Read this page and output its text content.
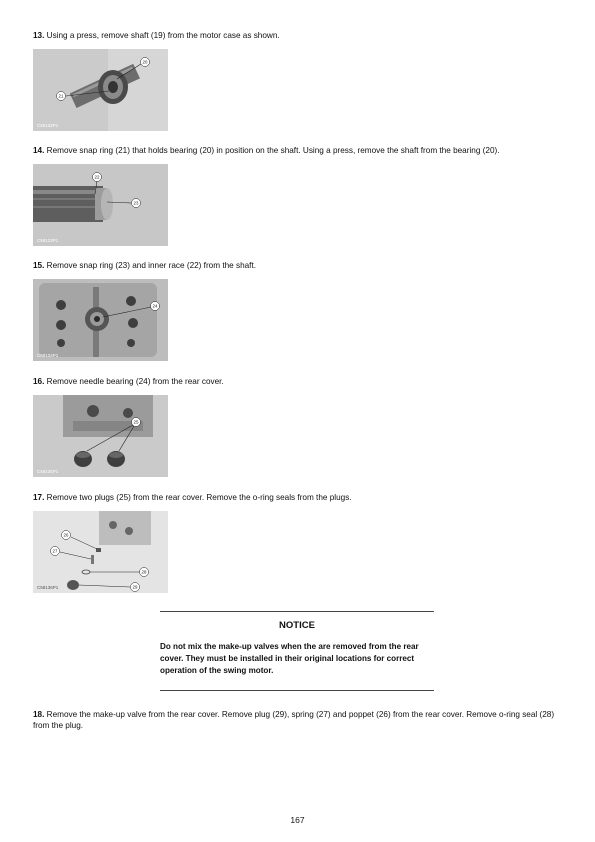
13. Using a press, remove shaft (19) from the motor case as shown.
20
21
C58132P1
14. Remove snap ring (21) that holds bearing (20) in position on the shaft. Using a press, remove the shaft from the bearing (20).
22
23
C58133P1
15. Remove snap ring (23) and inner race (22) from the shaft.
24
C58134P1
16. Remove needle bearing (24) from the rear cover.
25
C58135P1
17. Remove two plugs (25) from the rear cover. Remove the o-ring seals from the plugs.
26
27
28
29
C58136P1
NOTICE
Do not mix the make-up valves when the are removed from the rear cover. They must be installed in their original locations for correct operation of the swing motor.
18. Remove the make-up valve from the rear cover. Remove plug (29), spring (27) and poppet (26) from the rear cover. Remove o-ring seal (28) from the plug.
167
